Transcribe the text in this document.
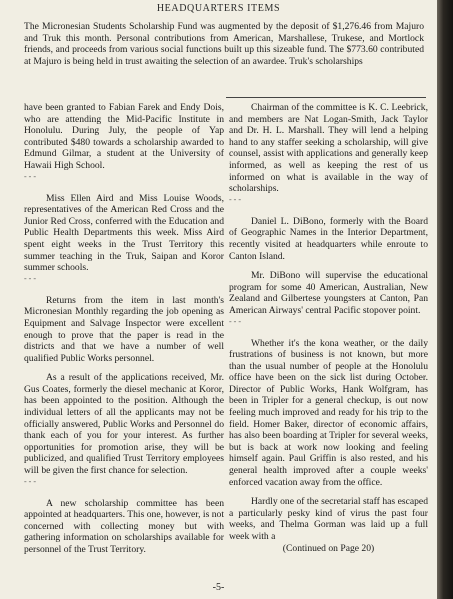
HEADQUARTERS ITEMS

The Micronesian Students Scholarship Fund was augmented by the deposit of $1,276.46 from Majuro and Truk this month. Personal contributions from American, Marshallese, Trukese, and Mortlock friends, and proceeds from various social functions built up this sizeable fund. The $773.60 contributed at Majuro is being held in trust awaiting the selection of an awardee. Truk's scholarships

have been granted to Fabian Farek and Endy Dois, who are attending the Mid-Pacific Institute in Honolulu. During July, the people of Yap contributed $480 towards a scholarship awarded to Edmund Gilmar, a student at the University of Hawaii High School.

- - -

Miss Ellen Aird and Miss Louise Woods, representatives of the American Red Cross and the Junior Red Cross, conferred with the Education and Public Health Departments this week. Miss Aird spent eight weeks in the Trust Territory this summer teaching in the Truk, Saipan and Koror summer schools.

- - -

Returns from the item in last month's Micronesian Monthly regarding the job opening as Equipment and Salvage Inspector were excellent enough to prove that the paper is read in the districts and that we have a number of well qualified Public Works personnel.

As a result of the applications received, Mr. Gus Coates, formerly the diesel mechanic at Koror, has been appointed to the position. Although the individual letters of all the applicants may not be officially answered, Public Works and Personnel do thank each of you for your interest. As further opportunities for promotion arise, they will be publicized, and qualified Trust Territory employees will be given the first chance for selection.

- - -

A new scholarship committee has been appointed at headquarters. This one, however, is not concerned with collecting money but with gathering information on scholarships available for personnel of the Trust Territory.

Chairman of the committee is K. C. Leebrick, and members are Nat Logan-Smith, Jack Taylor and Dr. H. L. Marshall. They will lend a helping hand to any staffer seeking a scholarship, will give counsel, assist with applications and generally keep informed, as well as keeping the rest of us informed on what is available in the way of scholarships.

- - -

Daniel L. DiBono, formerly with the Board of Geographic Names in the Interior Department, recently visited at headquarters while enroute to Canton Island.

Mr. DiBono will supervise the educational program for some 40 American, Australian, New Zealand and Gilbertese youngsters at Canton, Pan American Airways' central Pacific stopover point.

- - -

Whether it's the kona weather, or the daily frustrations of business is not known, but more than the usual number of people at the Honolulu office have been on the sick list during October. Director of Public Works, Hank Wolfgram, has been in Tripler for a general checkup, is out now feeling much improved and ready for his trip to the field. Homer Baker, director of economic affairs, has also been boarding at Tripler for several weeks, but is back at work now looking and feeling himself again. Paul Griffin is also rested, and his general health improved after a couple weeks' enforced vacation away from the office.

Hardly one of the secretarial staff has escaped a particularly pesky kind of virus the past four weeks, and Thelma Gorman was laid up a full week with a

(Continued on Page 20)

-5-
